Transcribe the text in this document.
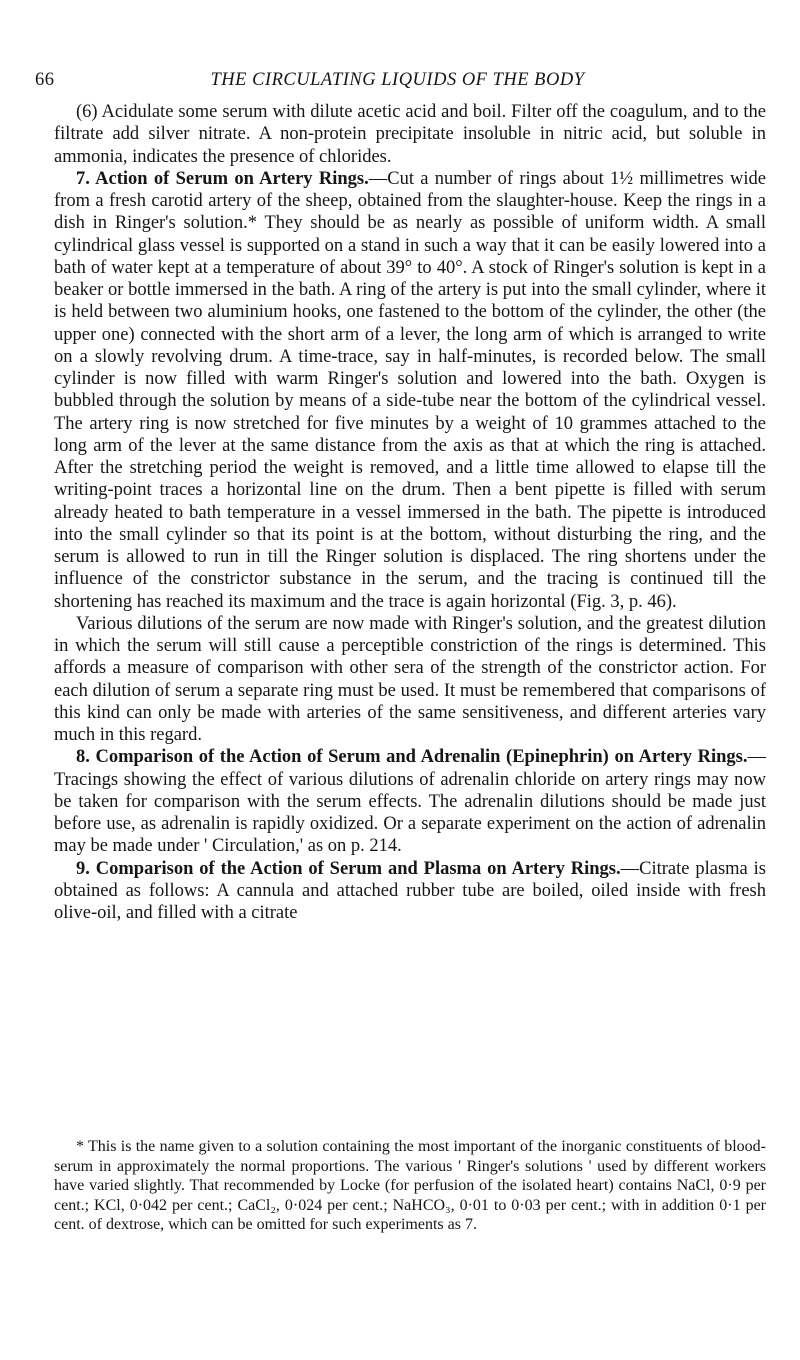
66	THE CIRCULATING LIQUIDS OF THE BODY

(6) Acidulate some serum with dilute acetic acid and boil. Filter off the coagulum, and to the filtrate add silver nitrate. A non-protein precipitate insoluble in nitric acid, but soluble in ammonia, indicates the presence of chlorides.

7. Action of Serum on Artery Rings.—Cut a number of rings about 1½ millimetres wide from a fresh carotid artery of the sheep, obtained from the slaughter-house. Keep the rings in a dish in Ringer's solution.* They should be as nearly as possible of uniform width. A small cylindrical glass vessel is supported on a stand in such a way that it can be easily lowered into a bath of water kept at a temperature of about 39° to 40°. A stock of Ringer's solution is kept in a beaker or bottle immersed in the bath. A ring of the artery is put into the small cylinder, where it is held between two aluminium hooks, one fastened to the bottom of the cylinder, the other (the upper one) connected with the short arm of a lever, the long arm of which is arranged to write on a slowly revolving drum. A time-trace, say in half-minutes, is recorded below. The small cylinder is now filled with warm Ringer's solution and lowered into the bath. Oxygen is bubbled through the solution by means of a side-tube near the bottom of the cylindrical vessel. The artery ring is now stretched for five minutes by a weight of 10 grammes attached to the long arm of the lever at the same distance from the axis as that at which the ring is attached. After the stretching period the weight is removed, and a little time allowed to elapse till the writing-point traces a horizontal line on the drum. Then a bent pipette is filled with serum already heated to bath temperature in a vessel immersed in the bath. The pipette is introduced into the small cylinder so that its point is at the bottom, without disturbing the ring, and the serum is allowed to run in till the Ringer solution is displaced. The ring shortens under the influence of the constrictor substance in the serum, and the tracing is continued till the shortening has reached its maximum and the trace is again horizontal (Fig. 3, p. 46).

Various dilutions of the serum are now made with Ringer's solution, and the greatest dilution in which the serum will still cause a perceptible constriction of the rings is determined. This affords a measure of comparison with other sera of the strength of the constrictor action. For each dilution of serum a separate ring must be used. It must be remembered that comparisons of this kind can only be made with arteries of the same sensitiveness, and different arteries vary much in this regard.

8. Comparison of the Action of Serum and Adrenalin (Epinephrin) on Artery Rings.—Tracings showing the effect of various dilutions of adrenalin chloride on artery rings may now be taken for comparison with the serum effects. The adrenalin dilutions should be made just before use, as adrenalin is rapidly oxidized. Or a separate experiment on the action of adrenalin may be made under ' Circulation,' as on p. 214.

9. Comparison of the Action of Serum and Plasma on Artery Rings.—Citrate plasma is obtained as follows: A cannula and attached rubber tube are boiled, oiled inside with fresh olive-oil, and filled with a citrate

* This is the name given to a solution containing the most important of the inorganic constituents of blood-serum in approximately the normal proportions. The various ' Ringer's solutions ' used by different workers have varied slightly. That recommended by Locke (for perfusion of the isolated heart) contains NaCl, 0·9 per cent.; KCl, 0·042 per cent.; CaCl₂, 0·024 per cent.; NaHCO₃, 0·01 to 0·03 per cent.; with in addition 0·1 per cent. of dextrose, which can be omitted for such experiments as 7.
